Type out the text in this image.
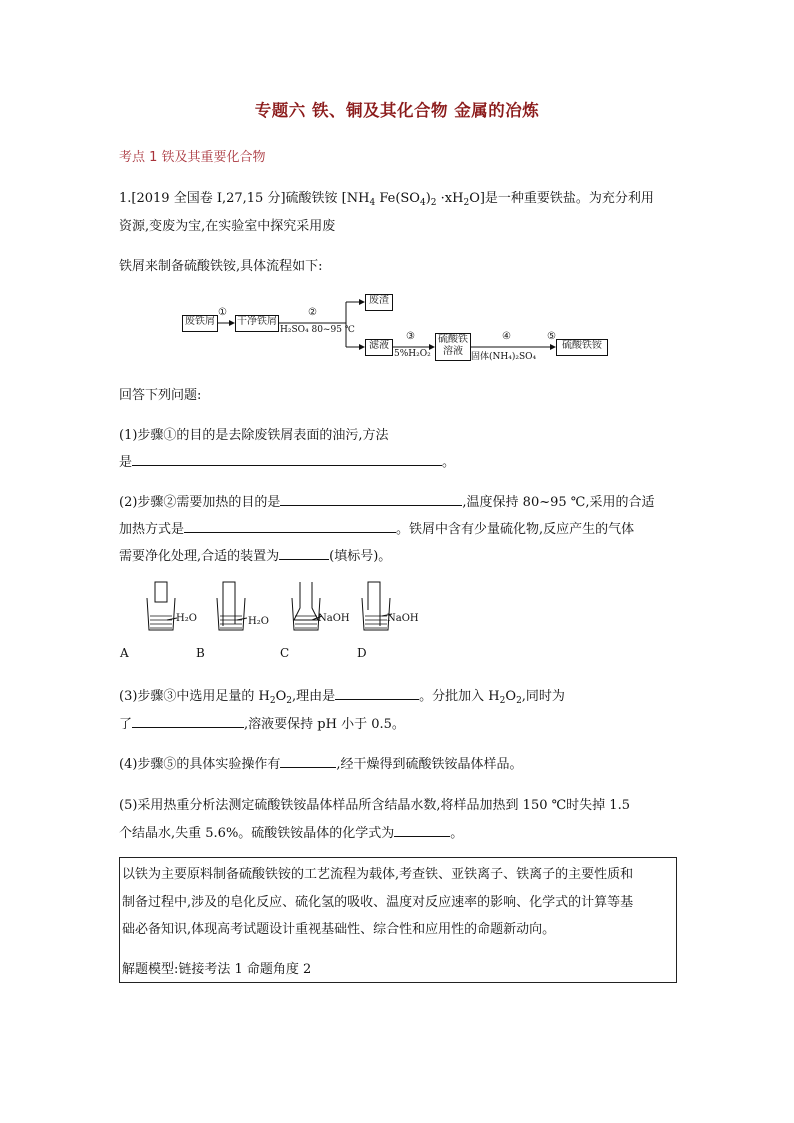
专题六 铁、铜及其化合物 金属的冶炼
考点 1 铁及其重要化合物
1.[2019 全国卷 Ⅰ,27,15 分]硫酸铁铵 [$NH_4$ $Fe(SO_4)_2 \cdot xH_2O$]是一种重要铁盐。为充分利用
资源,变废为宝,在实验室中探究采用废
铁屑来制备硫酸铁铵,具体流程如下:
废铁屑	干净铁屑
废渣
滤液
硫酸铁
溶液	硫酸铁铵
①	②
H₂SO₄ 80~95 ℃
③
5%H₂O₂
④
固体(NH₄)₂SO₄
⑤
回答下列问题:
(1)步骤①的目的是去除废铁屑表面的油污,方法
是	。
(2)步骤②需要加热的目的是	,温度保持 80~95 ℃,采用的合适
加热方式是	。铁屑中含有少量硫化物,反应产生的气体
需要净化处理,合适的装置为	(填标号)。
H₂O	H₂O	NaOH	NaOH
A	B	C	D
(3)步骤③中选用足量的 $H_2O_2$,理由是	。分批加入 $H_2O_2$,同时为
了	,溶液要保持 pH 小于 0.5。
(4)步骤⑤的具体实验操作有	,经干燥得到硫酸铁铵晶体样品。
(5)采用热重分析法测定硫酸铁铵晶体样品所含结晶水数,将样品加热到 150 ℃时失掉 1.5
个结晶水,失重 5.6%。硫酸铁铵晶体的化学式为	。
以铁为主要原料制备硫酸铁铵的工艺流程为载体,考查铁、亚铁离子、铁离子的主要性质和
制备过程中,涉及的皂化反应、硫化氢的吸收、温度对反应速率的影响、化学式的计算等基
础必备知识,体现高考试题设计重视基础性、综合性和应用性的命题新动向。
解题模型:链接考法 1 命题角度 2
